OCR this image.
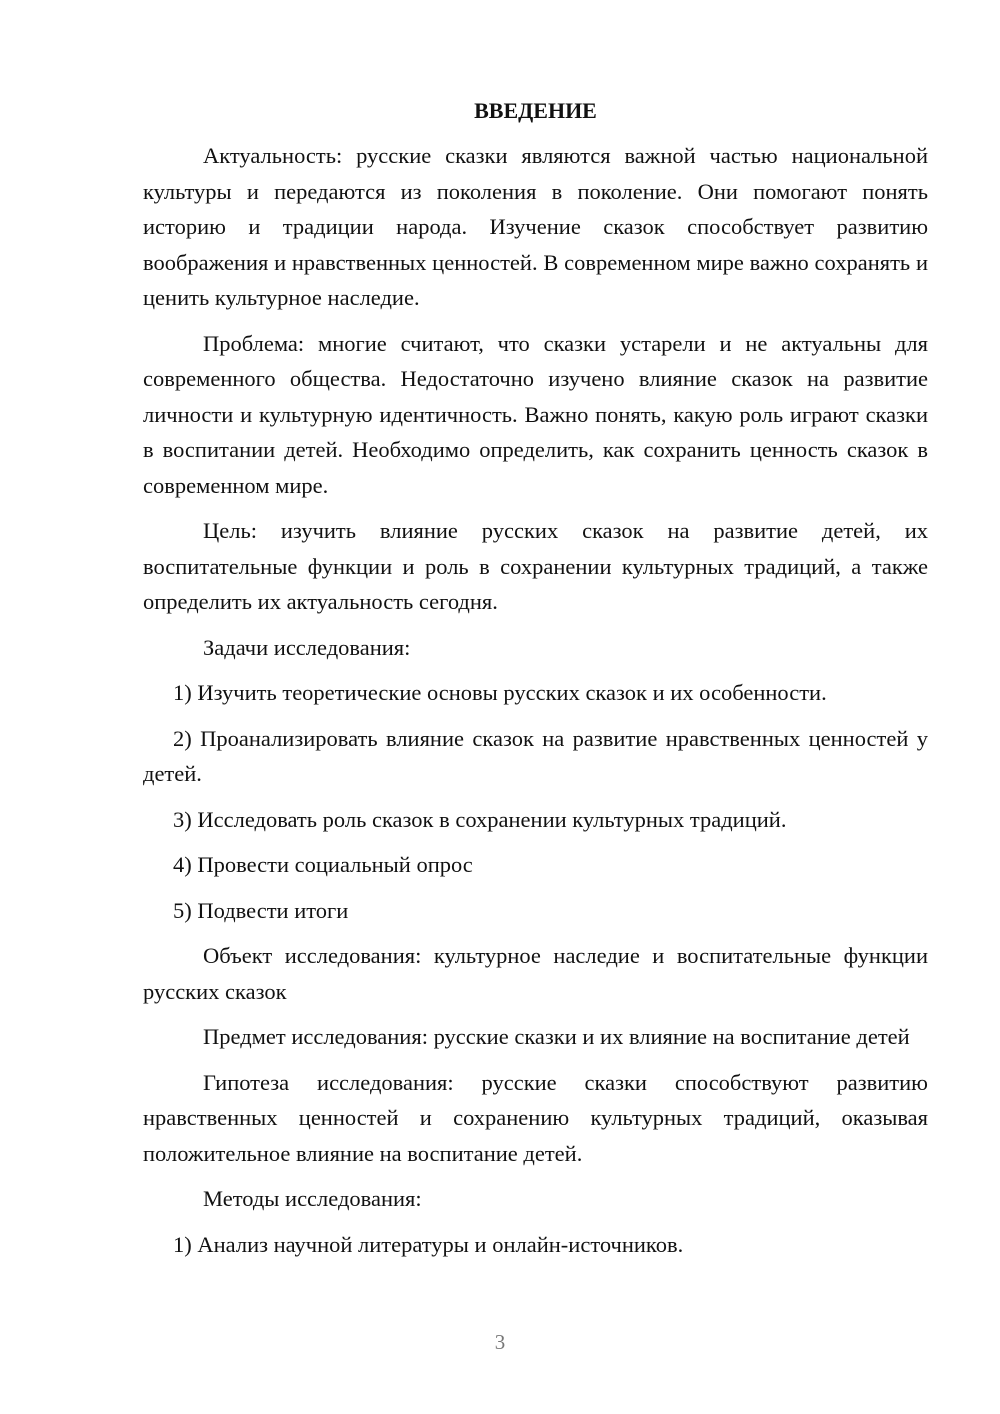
ВВЕДЕНИЕ

Актуальность: русские сказки являются важной частью национальной культуры и передаются из поколения в поколение. Они помогают понять историю и традиции народа. Изучение сказок способствует развитию воображения и нравственных ценностей. В современном мире важно сохранять и ценить культурное наследие.

Проблема: многие считают, что сказки устарели и не актуальны для современного общества. Недостаточно изучено влияние сказок на развитие личности и культурную идентичность. Важно понять, какую роль играют сказки в воспитании детей. Необходимо определить, как сохранить ценность сказок в современном мире.

Цель: изучить влияние русских сказок на развитие детей, их воспитательные функции и роль в сохранении культурных традиций, а также определить их актуальность сегодня.

Задачи исследования:

1) Изучить теоретические основы русских сказок и их особенности.

2) Проанализировать влияние сказок на развитие нравственных ценностей у детей.

3) Исследовать роль сказок в сохранении культурных традиций.

4) Провести социальный опрос

5) Подвести итоги

Объект исследования: культурное наследие и воспитательные функции русских сказок

Предмет исследования: русские сказки и их влияние на воспитание детей

Гипотеза исследования: русские сказки способствуют развитию нравственных ценностей и сохранению культурных традиций, оказывая положительное влияние на воспитание детей.

Методы исследования:

1) Анализ научной литературы и онлайн-источников.

3
